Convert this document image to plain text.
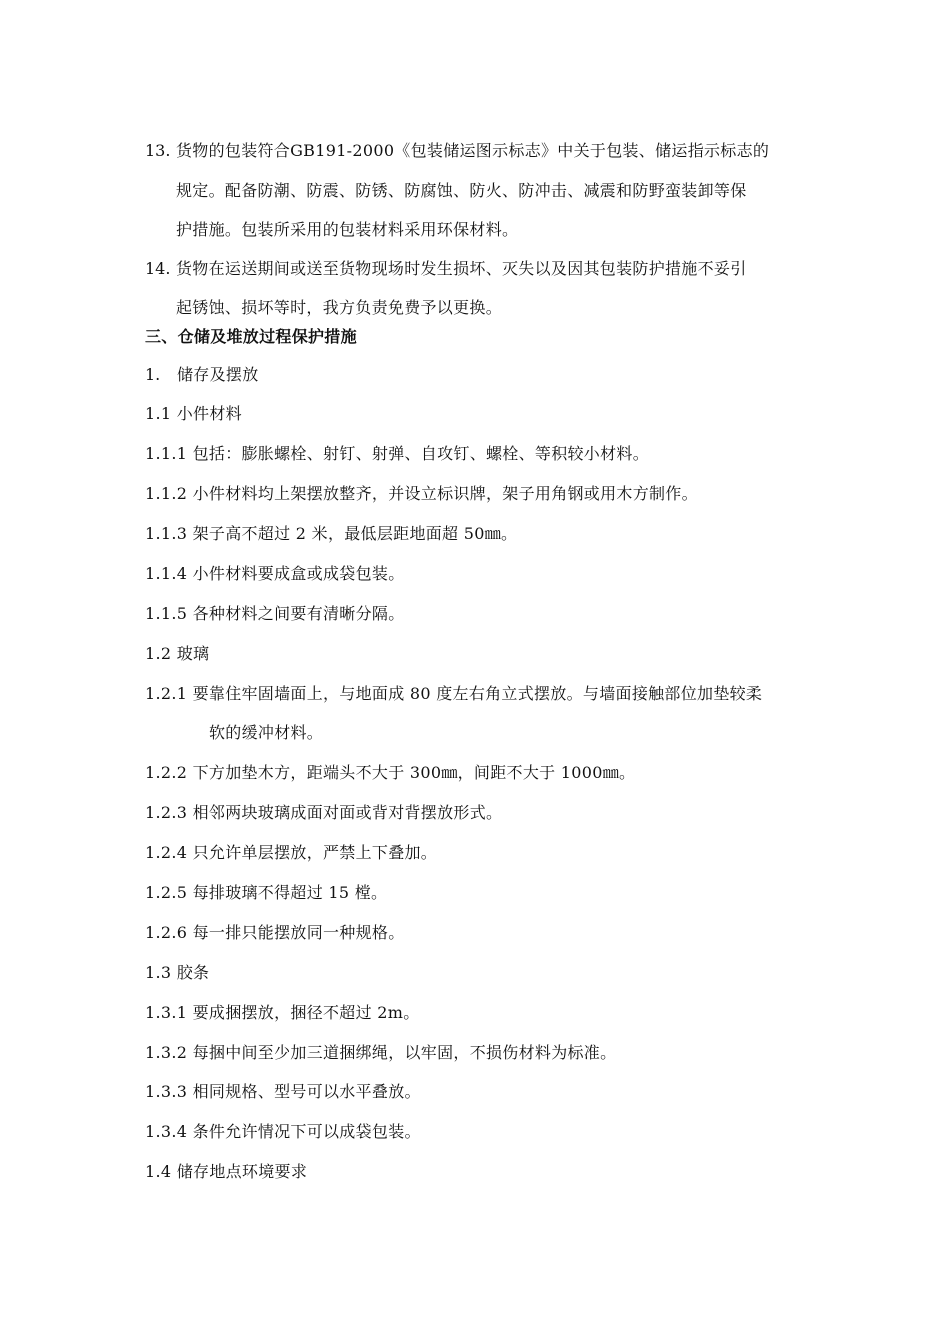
13. 货物的包装符合GB191-2000《包装储运图示标志》中关于包装、储运指示标志的
规定。配备防潮、防震、防锈、防腐蚀、防火、防冲击、减震和防野蛮装卸等保
护措施。包装所采用的包装材料采用环保材料。
14. 货物在运送期间或送至货物现场时发生损坏、灭失以及因其包装防护措施不妥引
起锈蚀、损坏等时，我方负责免费予以更换。
三、仓储及堆放过程保护措施
1. 储存及摆放
1.1 小件材料
1.1.1 包括：膨胀螺栓、射钉、射弹、自攻钉、螺栓、等积较小材料。
1.1.2 小件材料均上架摆放整齐，并设立标识牌，架子用角钢或用木方制作。
1.1.3 架子高不超过 2 米，最低层距地面超 50㎜。
1.1.4 小件材料要成盒或成袋包装。
1.1.5 各种材料之间要有清晰分隔。
1.2 玻璃
1.2.1 要靠住牢固墙面上，与地面成 80 度左右角立式摆放。与墙面接触部位加垫较柔
软的缓冲材料。
1.2.2 下方加垫木方，距端头不大于 300㎜，间距不大于 1000㎜。
1.2.3 相邻两块玻璃成面对面或背对背摆放形式。
1.2.4 只允许单层摆放，严禁上下叠加。
1.2.5 每排玻璃不得超过 15 樘。
1.2.6 每一排只能摆放同一种规格。
1.3 胶条
1.3.1 要成捆摆放，捆径不超过 2m。
1.3.2 每捆中间至少加三道捆绑绳，以牢固，不损伤材料为标准。
1.3.3 相同规格、型号可以水平叠放。
1.3.4 条件允许情况下可以成袋包装。
1.4 储存地点环境要求
